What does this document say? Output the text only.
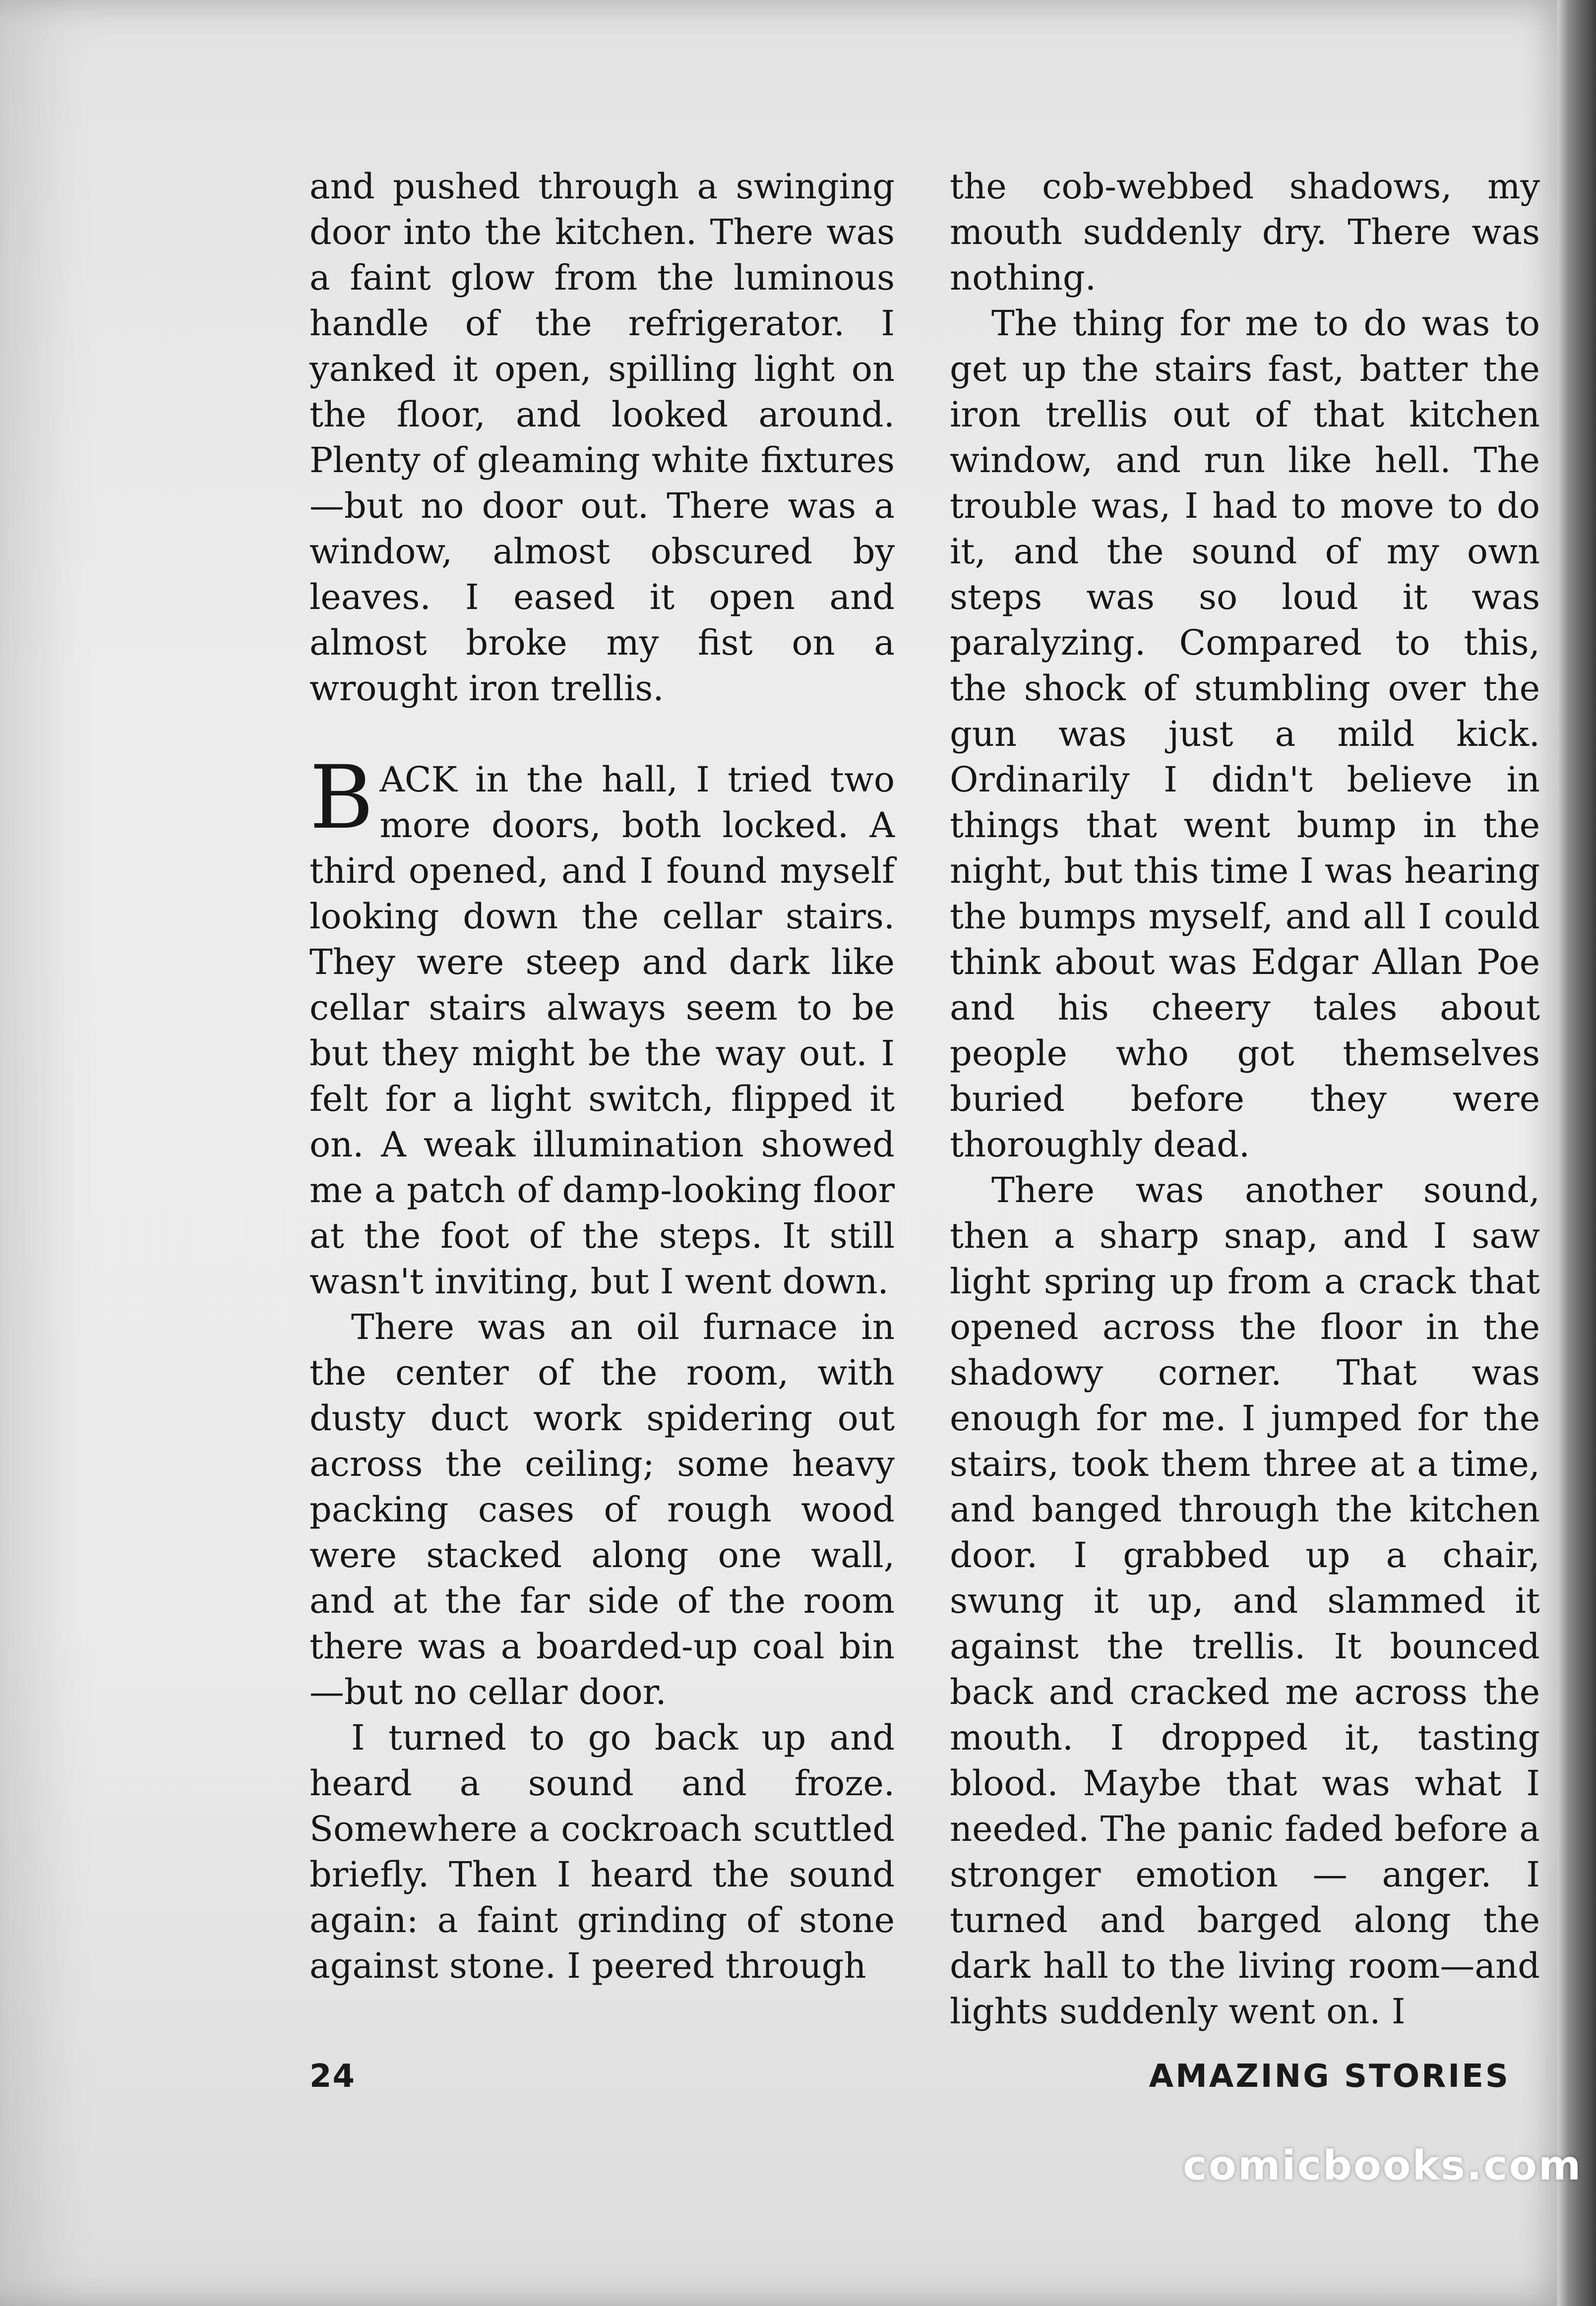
and pushed through a swinging door into the kitchen. There was a faint glow from the luminous handle of the refrigerator. I yanked it open, spilling light on the floor, and looked around. Plenty of gleaming white fixtures—but no door out. There was a window, almost obscured by leaves. I eased it open and almost broke my fist on a wrought iron trellis.

BACK in the hall, I tried two more doors, both locked. A third opened, and I found myself looking down the cellar stairs. They were steep and dark like cellar stairs always seem to be but they might be the way out. I felt for a light switch, flipped it on. A weak illumination showed me a patch of damp-looking floor at the foot of the steps. It still wasn't inviting, but I went down.

There was an oil furnace in the center of the room, with dusty duct work spidering out across the ceiling; some heavy packing cases of rough wood were stacked along one wall, and at the far side of the room there was a boarded-up coal bin—but no cellar door.

I turned to go back up and heard a sound and froze. Somewhere a cockroach scuttled briefly. Then I heard the sound again: a faint grinding of stone against stone. I peered through

the cob-webbed shadows, my mouth suddenly dry. There was nothing.

The thing for me to do was to get up the stairs fast, batter the iron trellis out of that kitchen window, and run like hell. The trouble was, I had to move to do it, and the sound of my own steps was so loud it was paralyzing. Compared to this, the shock of stumbling over the gun was just a mild kick. Ordinarily I didn't believe in things that went bump in the night, but this time I was hearing the bumps myself, and all I could think about was Edgar Allan Poe and his cheery tales about people who got themselves buried before they were thoroughly dead.

There was another sound, then a sharp snap, and I saw light spring up from a crack that opened across the floor in the shadowy corner. That was enough for me. I jumped for the stairs, took them three at a time, and banged through the kitchen door. I grabbed up a chair, swung it up, and slammed it against the trellis. It bounced back and cracked me across the mouth. I dropped it, tasting blood. Maybe that was what I needed. The panic faded before a stronger emotion — anger. I turned and barged along the dark hall to the living room—and lights suddenly went on. I

24	AMAZING STORIES
comicbooks.com
